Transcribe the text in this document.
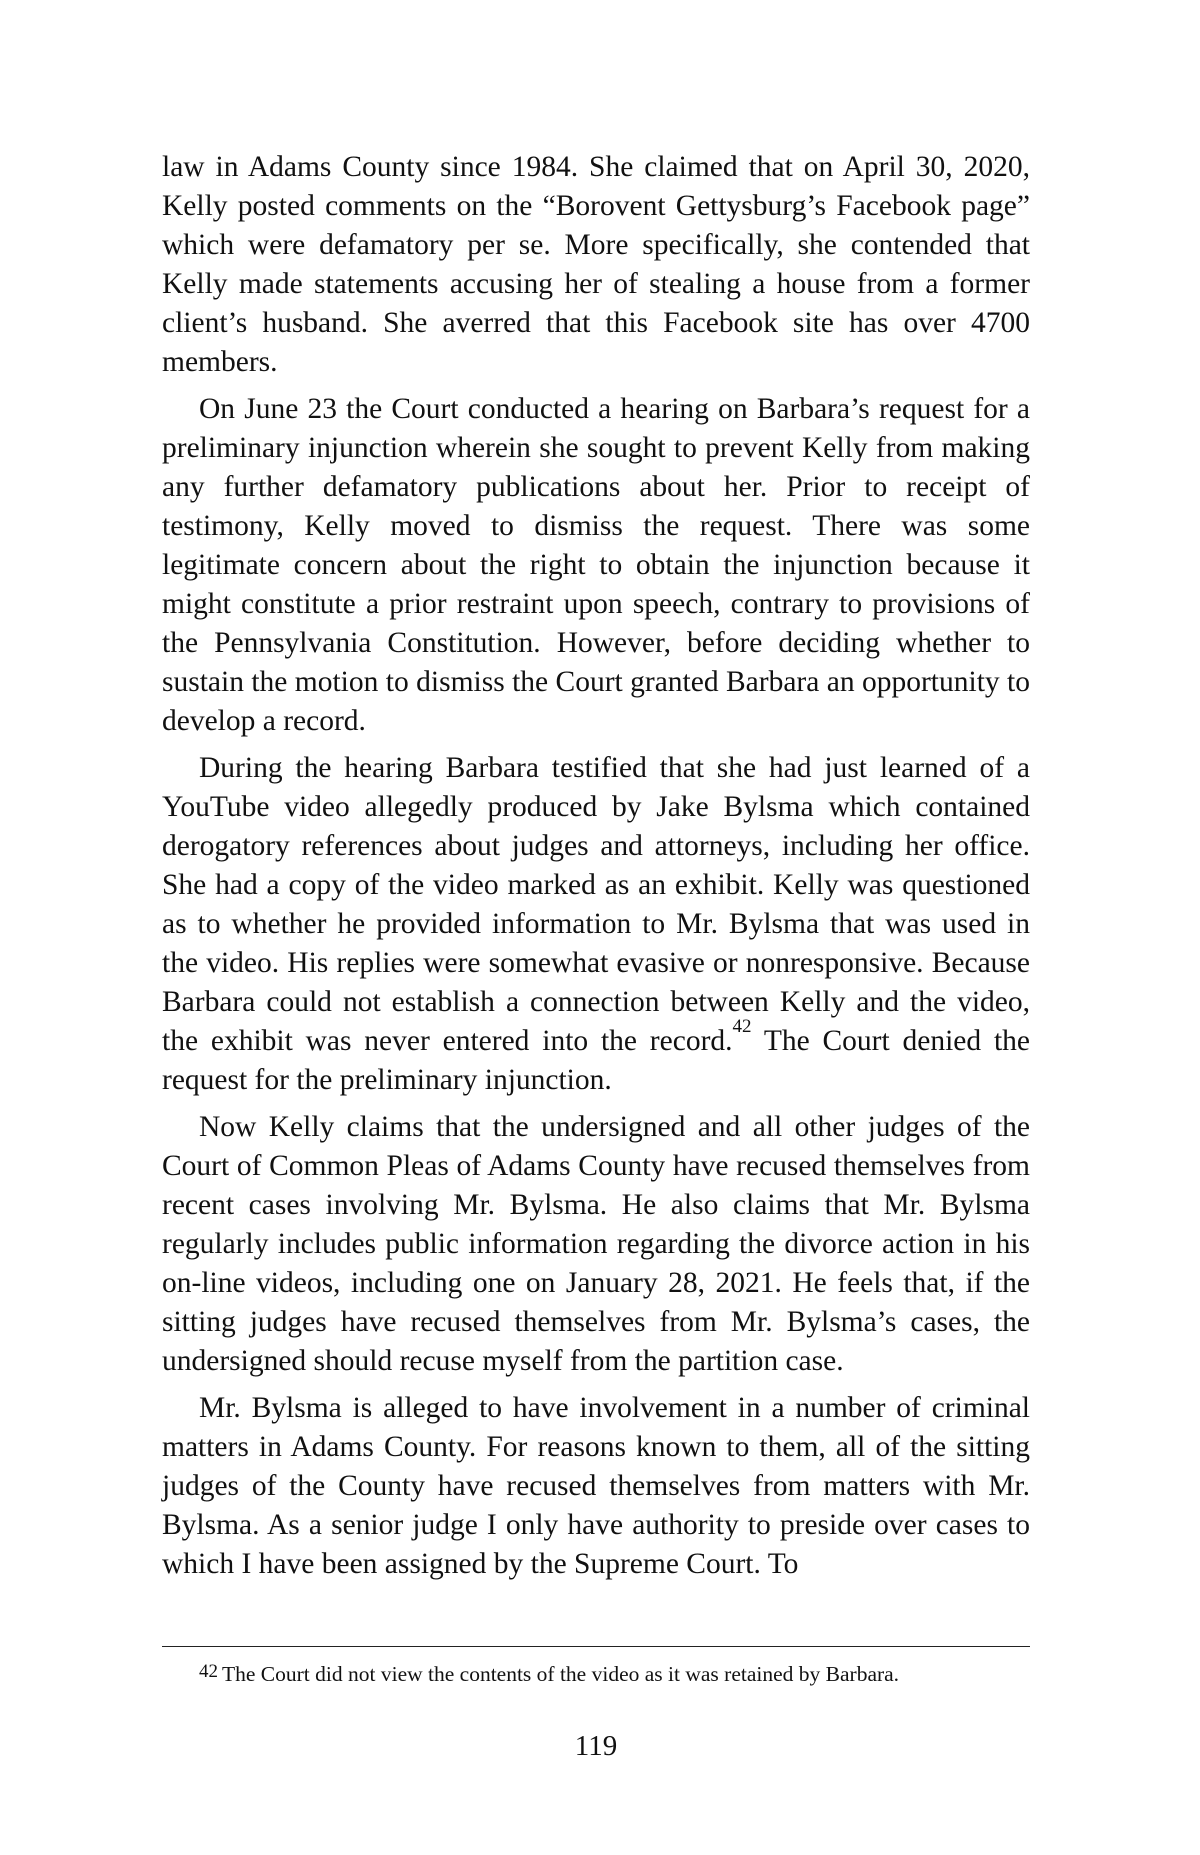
law in Adams County since 1984. She claimed that on April 30, 2020, Kelly posted comments on the “Borovent Gettysburg’s Facebook page” which were defamatory per se. More specifically, she contended that Kelly made statements accusing her of stealing a house from a former client’s husband. She averred that this Facebook site has over 4700 members.

On June 23 the Court conducted a hearing on Barbara’s request for a preliminary injunction wherein she sought to prevent Kelly from making any further defamatory publications about her. Prior to receipt of testimony, Kelly moved to dismiss the request. There was some legitimate concern about the right to obtain the injunction because it might constitute a prior restraint upon speech, contrary to provisions of the Pennsylvania Constitution. However, before deciding whether to sustain the motion to dismiss the Court granted Barbara an opportunity to develop a record.

During the hearing Barbara testified that she had just learned of a YouTube video allegedly produced by Jake Bylsma which contained derogatory references about judges and attorneys, including her office. She had a copy of the video marked as an exhibit. Kelly was questioned as to whether he provided information to Mr. Bylsma that was used in the video. His replies were somewhat evasive or nonresponsive. Because Barbara could not establish a connection between Kelly and the video, the exhibit was never entered into the record.$^{42}$ The Court denied the request for the preliminary injunction.

Now Kelly claims that the undersigned and all other judges of the Court of Common Pleas of Adams County have recused themselves from recent cases involving Mr. Bylsma. He also claims that Mr. Bylsma regularly includes public information regarding the divorce action in his on-line videos, including one on January 28, 2021. He feels that, if the sitting judges have recused themselves from Mr. Bylsma’s cases, the undersigned should recuse myself from the partition case.

Mr. Bylsma is alleged to have involvement in a number of criminal matters in Adams County. For reasons known to them, all of the sitting judges of the County have recused themselves from matters with Mr. Bylsma. As a senior judge I only have authority to preside over cases to which I have been assigned by the Supreme Court. To

42 The Court did not view the contents of the video as it was retained by Barbara.

119
